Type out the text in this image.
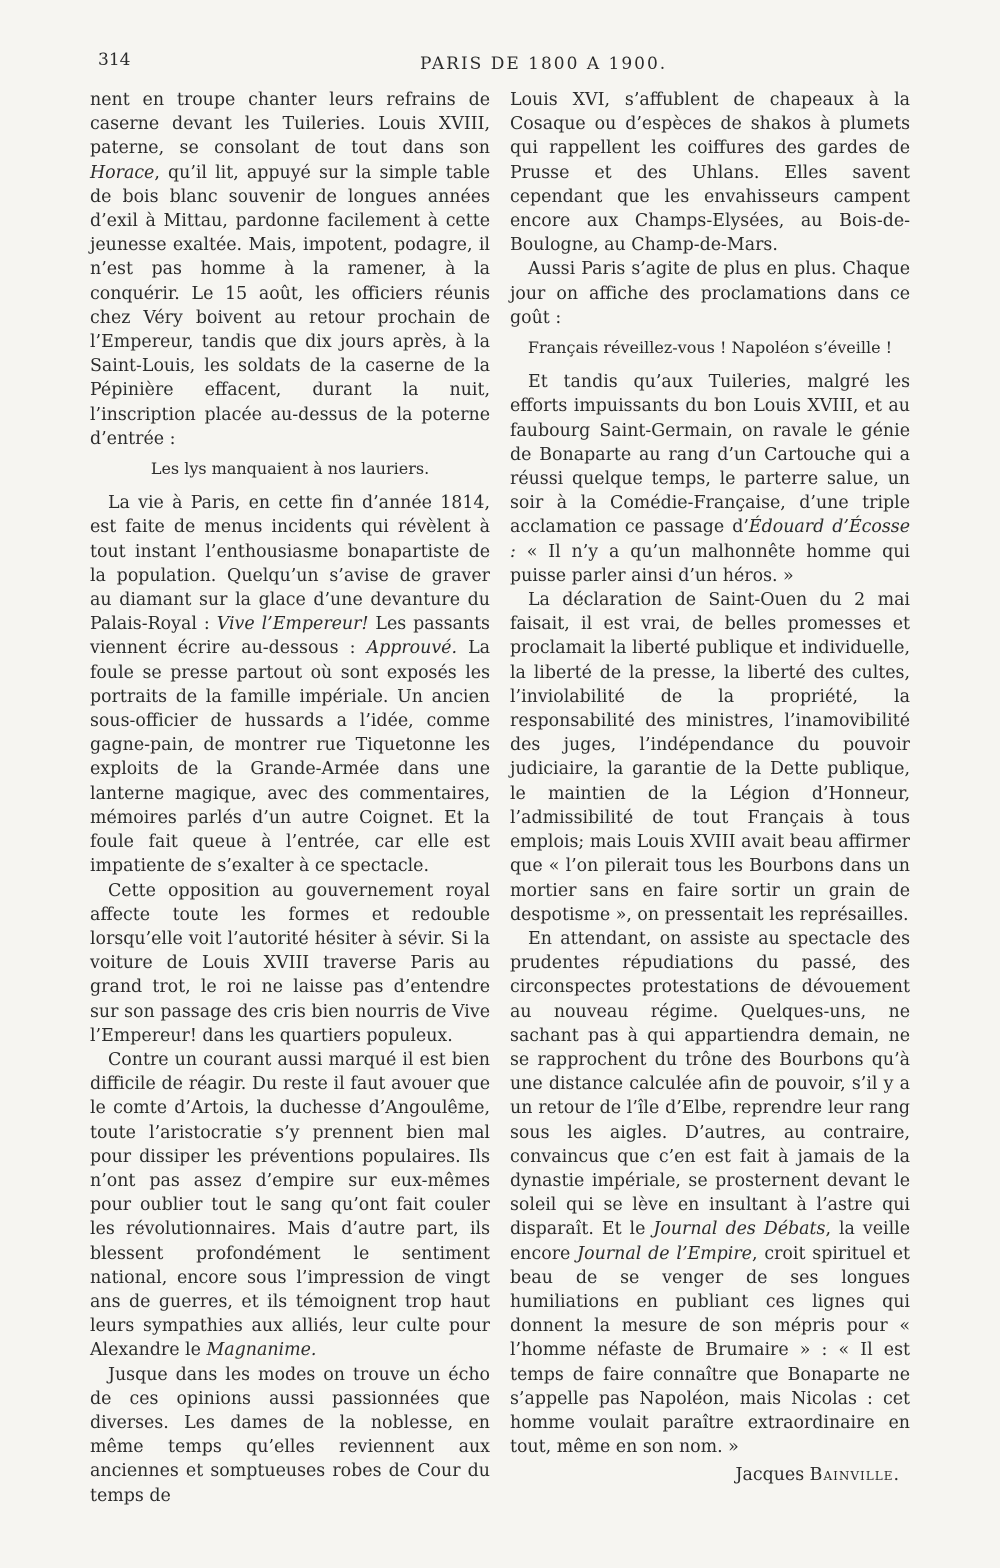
314	PARIS DE 1800 A 1900.

nent en troupe chanter leurs refrains de caserne devant les Tuileries. Louis XVIII, paterne, se consolant de tout dans son Horace, qu’il lit, appuyé sur la simple table de bois blanc souvenir de longues années d’exil à Mittau, pardonne facilement à cette jeunesse exaltée. Mais, impotent, podagre, il n’est pas homme à la ramener, à la conquérir. Le 15 août, les officiers réunis chez Véry boivent au retour prochain de l’Empereur, tandis que dix jours après, à la Saint-Louis, les soldats de la caserne de la Pépinière effacent, durant la nuit, l’inscription placée au-dessus de la poterne d’entrée :

Les lys manquaient à nos lauriers.

La vie à Paris, en cette fin d’année 1814, est faite de menus incidents qui révèlent à tout instant l’enthousiasme bonapartiste de la population. Quelqu’un s’avise de graver au diamant sur la glace d’une devanture du Palais-Royal : Vive l’Empereur! Les passants viennent écrire au-dessous : Approuvé. La foule se presse partout où sont exposés les portraits de la famille impériale. Un ancien sous-officier de hussards a l’idée, comme gagne-pain, de montrer rue Tiquetonne les exploits de la Grande-Armée dans une lanterne magique, avec des commentaires, mémoires parlés d’un autre Coignet. Et la foule fait queue à l’entrée, car elle est impatiente de s’exalter à ce spectacle.

Cette opposition au gouvernement royal affecte toute les formes et redouble lorsqu’elle voit l’autorité hésiter à sévir. Si la voiture de Louis XVIII traverse Paris au grand trot, le roi ne laisse pas d’entendre sur son passage des cris bien nourris de Vive l’Empereur! dans les quartiers populeux.

Contre un courant aussi marqué il est bien difficile de réagir. Du reste il faut avouer que le comte d’Artois, la duchesse d’Angoulême, toute l’aristocratie s’y prennent bien mal pour dissiper les préventions populaires. Ils n’ont pas assez d’empire sur eux-mêmes pour oublier tout le sang qu’ont fait couler les révolutionnaires. Mais d’autre part, ils blessent profondément le sentiment national, encore sous l’impression de vingt ans de guerres, et ils témoignent trop haut leurs sympathies aux alliés, leur culte pour Alexandre le Magnanime.

Jusque dans les modes on trouve un écho de ces opinions aussi passionnées que diverses. Les dames de la noblesse, en même temps qu’elles reviennent aux anciennes et somptueuses robes de Cour du temps de

Louis XVI, s’affublent de chapeaux à la Cosaque ou d’espèces de shakos à plumets qui rappellent les coiffures des gardes de Prusse et des Uhlans. Elles savent cependant que les envahisseurs campent encore aux Champs-Elysées, au Bois-de-Boulogne, au Champ-de-Mars.

Aussi Paris s’agite de plus en plus. Chaque jour on affiche des proclamations dans ce goût :

Français réveillez-vous ! Napoléon s’éveille !

Et tandis qu’aux Tuileries, malgré les efforts impuissants du bon Louis XVIII, et au faubourg Saint-Germain, on ravale le génie de Bonaparte au rang d’un Cartouche qui a réussi quelque temps, le parterre salue, un soir à la Comédie-Française, d’une triple acclamation ce passage d’Édouard d’Écosse : « Il n’y a qu’un malhonnête homme qui puisse parler ainsi d’un héros. »

La déclaration de Saint-Ouen du 2 mai faisait, il est vrai, de belles promesses et proclamait la liberté publique et individuelle, la liberté de la presse, la liberté des cultes, l’inviolabilité de la propriété, la responsabilité des ministres, l’inamovibilité des juges, l’indépendance du pouvoir judiciaire, la garantie de la Dette publique, le maintien de la Légion d’Honneur, l’admissibilité de tout Français à tous emplois; mais Louis XVIII avait beau affirmer que « l’on pilerait tous les Bourbons dans un mortier sans en faire sortir un grain de despotisme », on pressentait les représailles.

En attendant, on assiste au spectacle des prudentes répudiations du passé, des circonspectes protestations de dévouement au nouveau régime. Quelques-uns, ne sachant pas à qui appartiendra demain, ne se rapprochent du trône des Bourbons qu’à une distance calculée afin de pouvoir, s’il y a un retour de l’île d’Elbe, reprendre leur rang sous les aigles. D’autres, au contraire, convaincus que c’en est fait à jamais de la dynastie impériale, se prosternent devant le soleil qui se lève en insultant à l’astre qui disparaît. Et le Journal des Débats, la veille encore Journal de l’Empire, croit spirituel et beau de se venger de ses longues humiliations en publiant ces lignes qui donnent la mesure de son mépris pour « l’homme néfaste de Brumaire » : « Il est temps de faire connaître que Bonaparte ne s’appelle pas Napoléon, mais Nicolas : cet homme voulait paraître extraordinaire en tout, même en son nom. »

Jacques Bainville.
